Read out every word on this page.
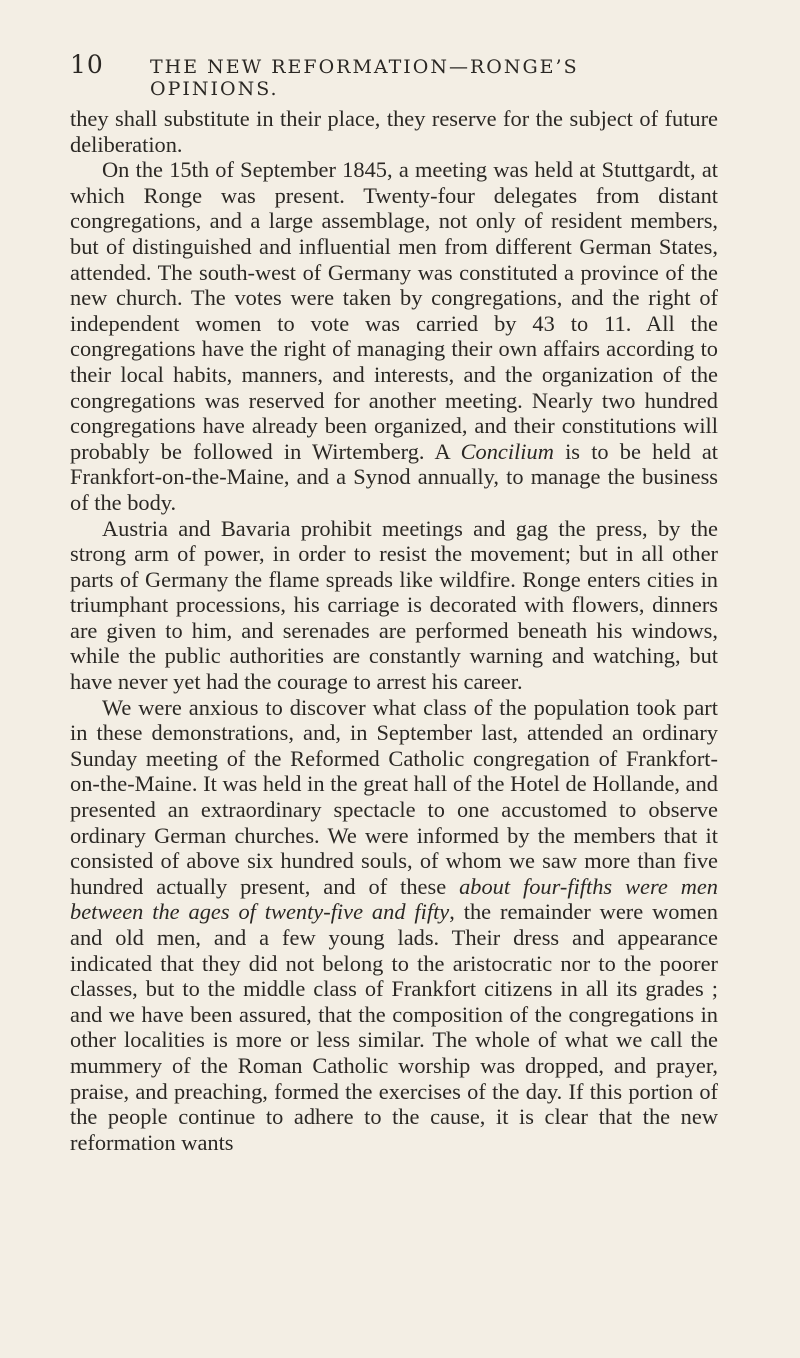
10 THE NEW REFORMATION—RONGE’S OPINIONS.

they shall substitute in their place, they reserve for the subject of future deliberation.

On the 15th of September 1845, a meeting was held at Stuttgardt, at which Ronge was present. Twenty-four delegates from distant congregations, and a large assemblage, not only of resident members, but of distinguished and influential men from different German States, attended. The south-west of Germany was constituted a province of the new church. The votes were taken by congregations, and the right of independent women to vote was carried by 43 to 11. All the congregations have the right of managing their own affairs according to their local habits, manners, and interests, and the organization of the congregations was reserved for another meeting. Nearly two hundred congregations have already been organized, and their constitutions will probably be followed in Wirtemberg. A Concilium is to be held at Frankfort-on-the-Maine, and a Synod annually, to manage the business of the body.

Austria and Bavaria prohibit meetings and gag the press, by the strong arm of power, in order to resist the movement; but in all other parts of Germany the flame spreads like wildfire. Ronge enters cities in triumphant processions, his carriage is decorated with flowers, dinners are given to him, and serenades are performed beneath his windows, while the public authorities are constantly warning and watching, but have never yet had the courage to arrest his career.

We were anxious to discover what class of the population took part in these demonstrations, and, in September last, attended an ordinary Sunday meeting of the Reformed Catholic congregation of Frankfort-on-the-Maine. It was held in the great hall of the Hotel de Hollande, and presented an extraordinary spectacle to one accustomed to observe ordinary German churches. We were informed by the members that it consisted of above six hundred souls, of whom we saw more than five hundred actually present, and of these about four-fifths were men between the ages of twenty-five and fifty, the remainder were women and old men, and a few young lads. Their dress and appearance indicated that they did not belong to the aristocratic nor to the poorer classes, but to the middle class of Frankfort citizens in all its grades ; and we have been assured, that the composition of the congregations in other localities is more or less similar. The whole of what we call the mummery of the Roman Catholic worship was dropped, and prayer, praise, and preaching, formed the exercises of the day. If this portion of the people continue to adhere to the cause, it is clear that the new reformation wants
